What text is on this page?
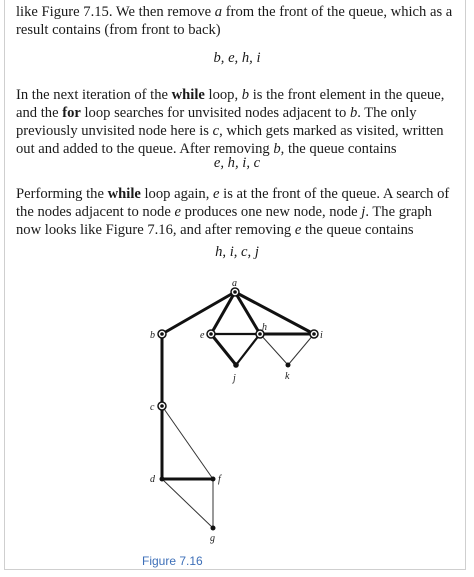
like Figure 7.15. We then remove a from the front of the queue, which as a result contains (from front to back)

b, e, h, i

In the next iteration of the while loop, b is the front element in the queue, and the for loop searches for unvisited nodes adjacent to b. The only previously unvisited node here is c, which gets marked as visited, written out and added to the queue. After removing b, the queue contains

e, h, i, c

Performing the while loop again, e is at the front of the queue. A search of the nodes adjacent to node e produces one new node, node j. The graph now looks like Figure 7.16, and after removing e the queue contains

h, i, c, j
a
b	e
h
i
j	k
c
d	f
g
Figure 7.16
